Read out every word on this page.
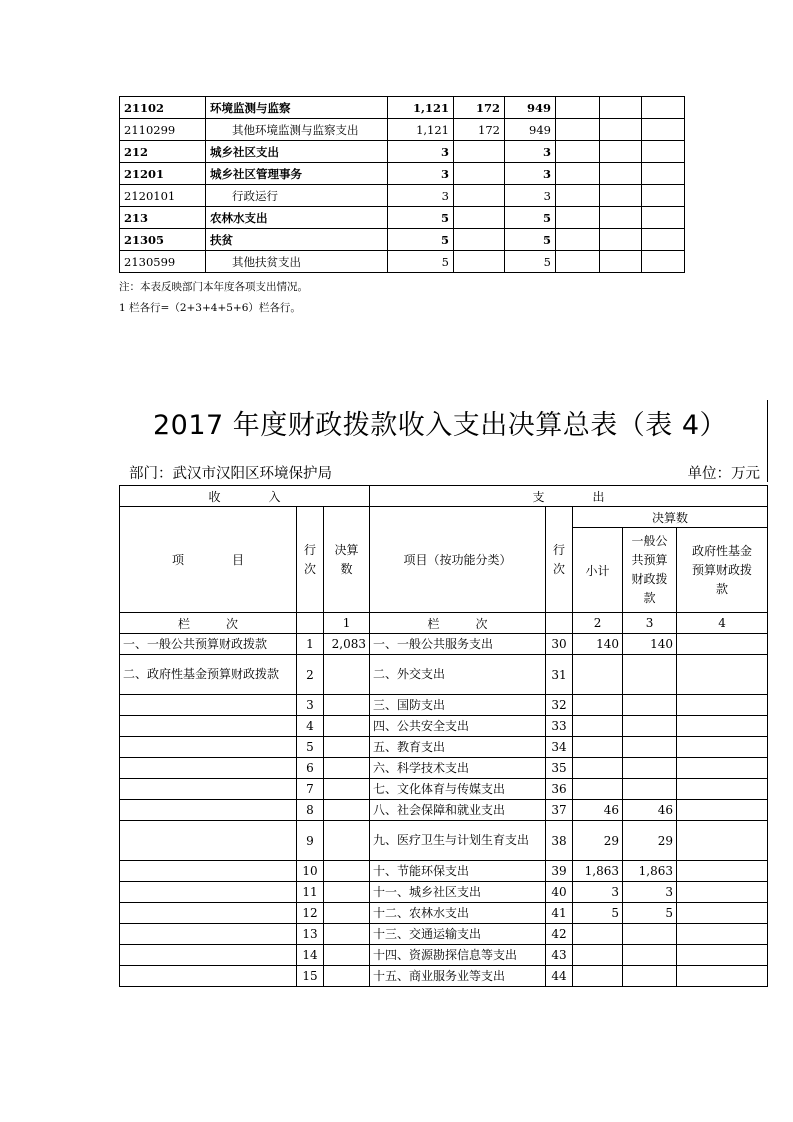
21102	环境监测与监察	1,121	172	949			
2110299	其他环境监测与监察支出	1,121	172	949			
212	城乡社区支出	3		3			
21201	城乡社区管理事务	3		3			
2120101	行政运行	3		3			
213	农林水支出	5		5			
21305	扶贫	5		5			
2130599	其他扶贫支出	5		5			
注：本表反映部门本年度各项支出情况。
1 栏各行=（2+3+4+5+6）栏各行。
2017 年度财政拨款收入支出决算总表（表 4）
部门：武汉市汉阳区环境保护局	单位：万元
收　　　　入			支　　　　出				
项　　　　目	行次	决算数	项目（按功能分类）	行次	决算数		
					小计	一般公共预算财政拨款	政府性基金预算财政拨款
栏　　　次		1	栏　　　次		2	3	4
一、一般公共预算财政拨款	1	2,083	一、一般公共服务支出	30	140	140	
二、政府性基金预算财政拨款	2		二、外交支出	31			
	3		三、国防支出	32			
	4		四、公共安全支出	33			
	5		五、教育支出	34			
	6		六、科学技术支出	35			
	7		七、文化体育与传媒支出	36			
	8		八、社会保障和就业支出	37	46	46	
	9		九、医疗卫生与计划生育支出	38	29	29	
	10		十、节能环保支出	39	1,863	1,863	
	11		十一、城乡社区支出	40	3	3	
	12		十二、农林水支出	41	5	5	
	13		十三、交通运输支出	42			
	14		十四、资源勘探信息等支出	43			
	15		十五、商业服务业等支出	44			
